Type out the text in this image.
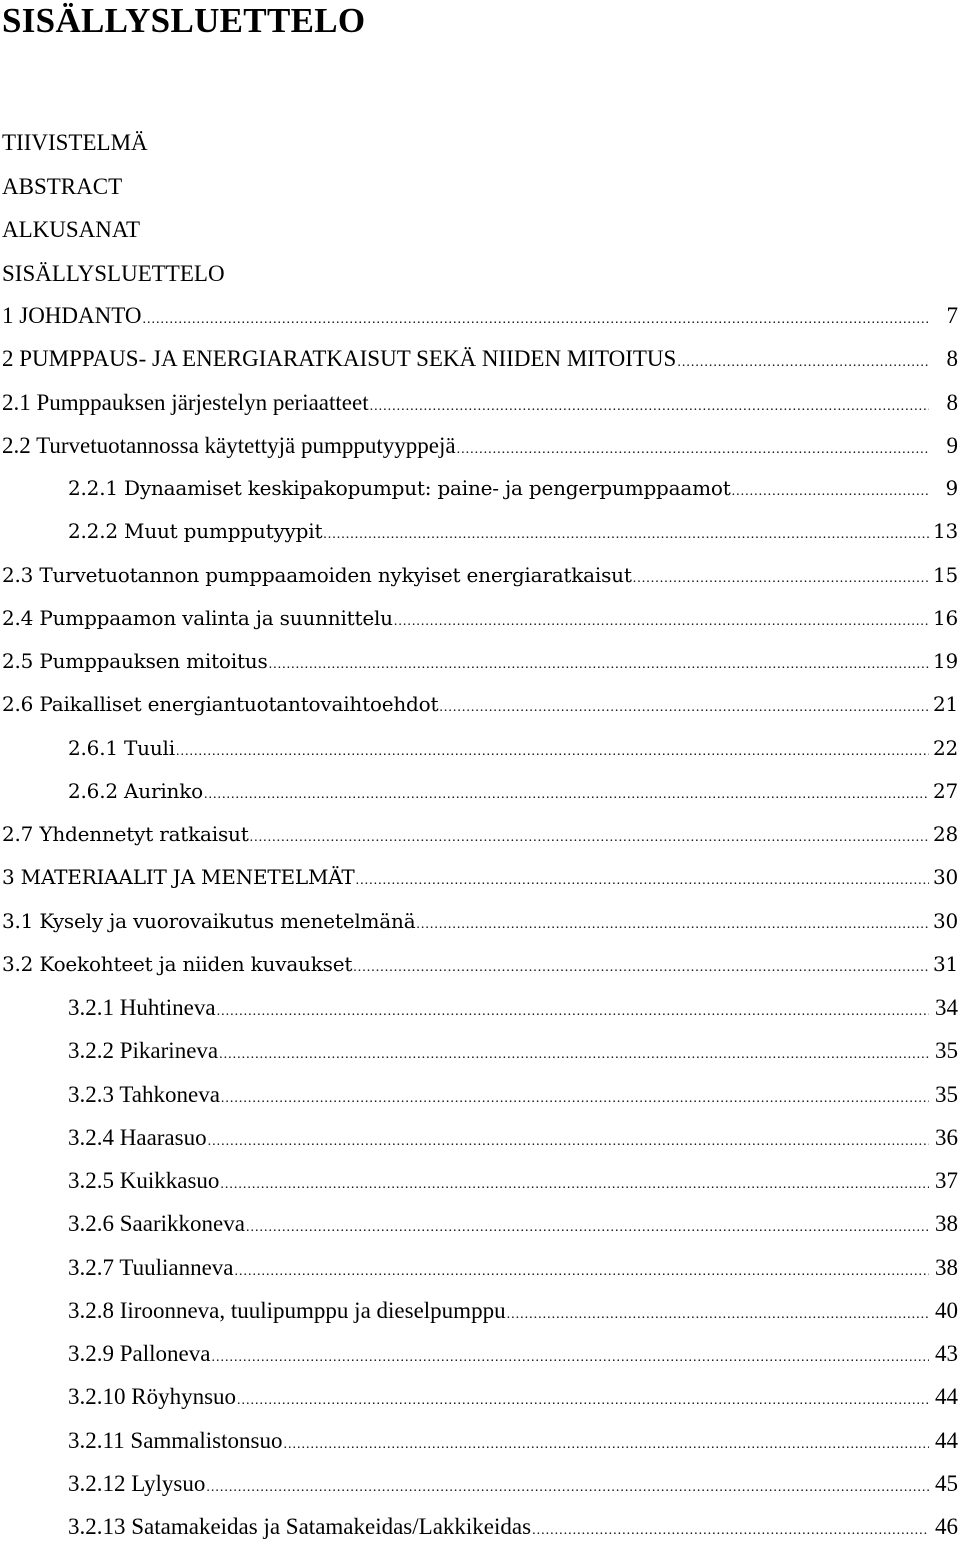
SISÄLLYSLUETTELO
TIIVISTELMÄ
ABSTRACT
ALKUSANAT
SISÄLLYSLUETTELO
1 JOHDANTO .....	7
2 PUMPPAUS- JA ENERGIARATKAISUT SEKÄ NIIDEN MITOITUS .....	8
2.1 Pumppauksen järjestelyn periaatteet .....	8
2.2 Turvetuotannossa käytettyjä pumpputyyppejä .....	9
2.2.1 Dynaamiset keskipakopumput: paine- ja pengerpumppaamot .....	9
2.2.2 Muut pumpputyypit .....	13
2.3 Turvetuotannon pumppaamoiden nykyiset energiaratkaisut .....	15
2.4 Pumppaamon valinta ja suunnittelu .....	16
2.5 Pumppauksen mitoitus .....	19
2.6 Paikalliset energiantuotantovaihtoehdot .....	21
2.6.1 Tuuli .....	22
2.6.2 Aurinko .....	27
2.7 Yhdennetyt ratkaisut .....	28
3 MATERIAALIT JA MENETELMÄT .....	30
3.1 Kysely ja vuorovaikutus menetelmänä .....	30
3.2 Koekohteet ja niiden kuvaukset .....	31
3.2.1 Huhtineva .....	34
3.2.2 Pikarineva .....	35
3.2.3 Tahkoneva .....	35
3.2.4 Haarasuo .....	36
3.2.5 Kuikkasuo .....	37
3.2.6 Saarikkoneva .....	38
3.2.7 Tuulianneva .....	38
3.2.8 Iiroonneva, tuulipumppu ja dieselpumppu .....	40
3.2.9 Palloneva .....	43
3.2.10 Röyhynsuo .....	44
3.2.11 Sammalistonsuo .....	44
3.2.12 Lylysuo .....	45
3.2.13 Satamakeidas ja Satamakeidas/Lakkikeidas .....	46
